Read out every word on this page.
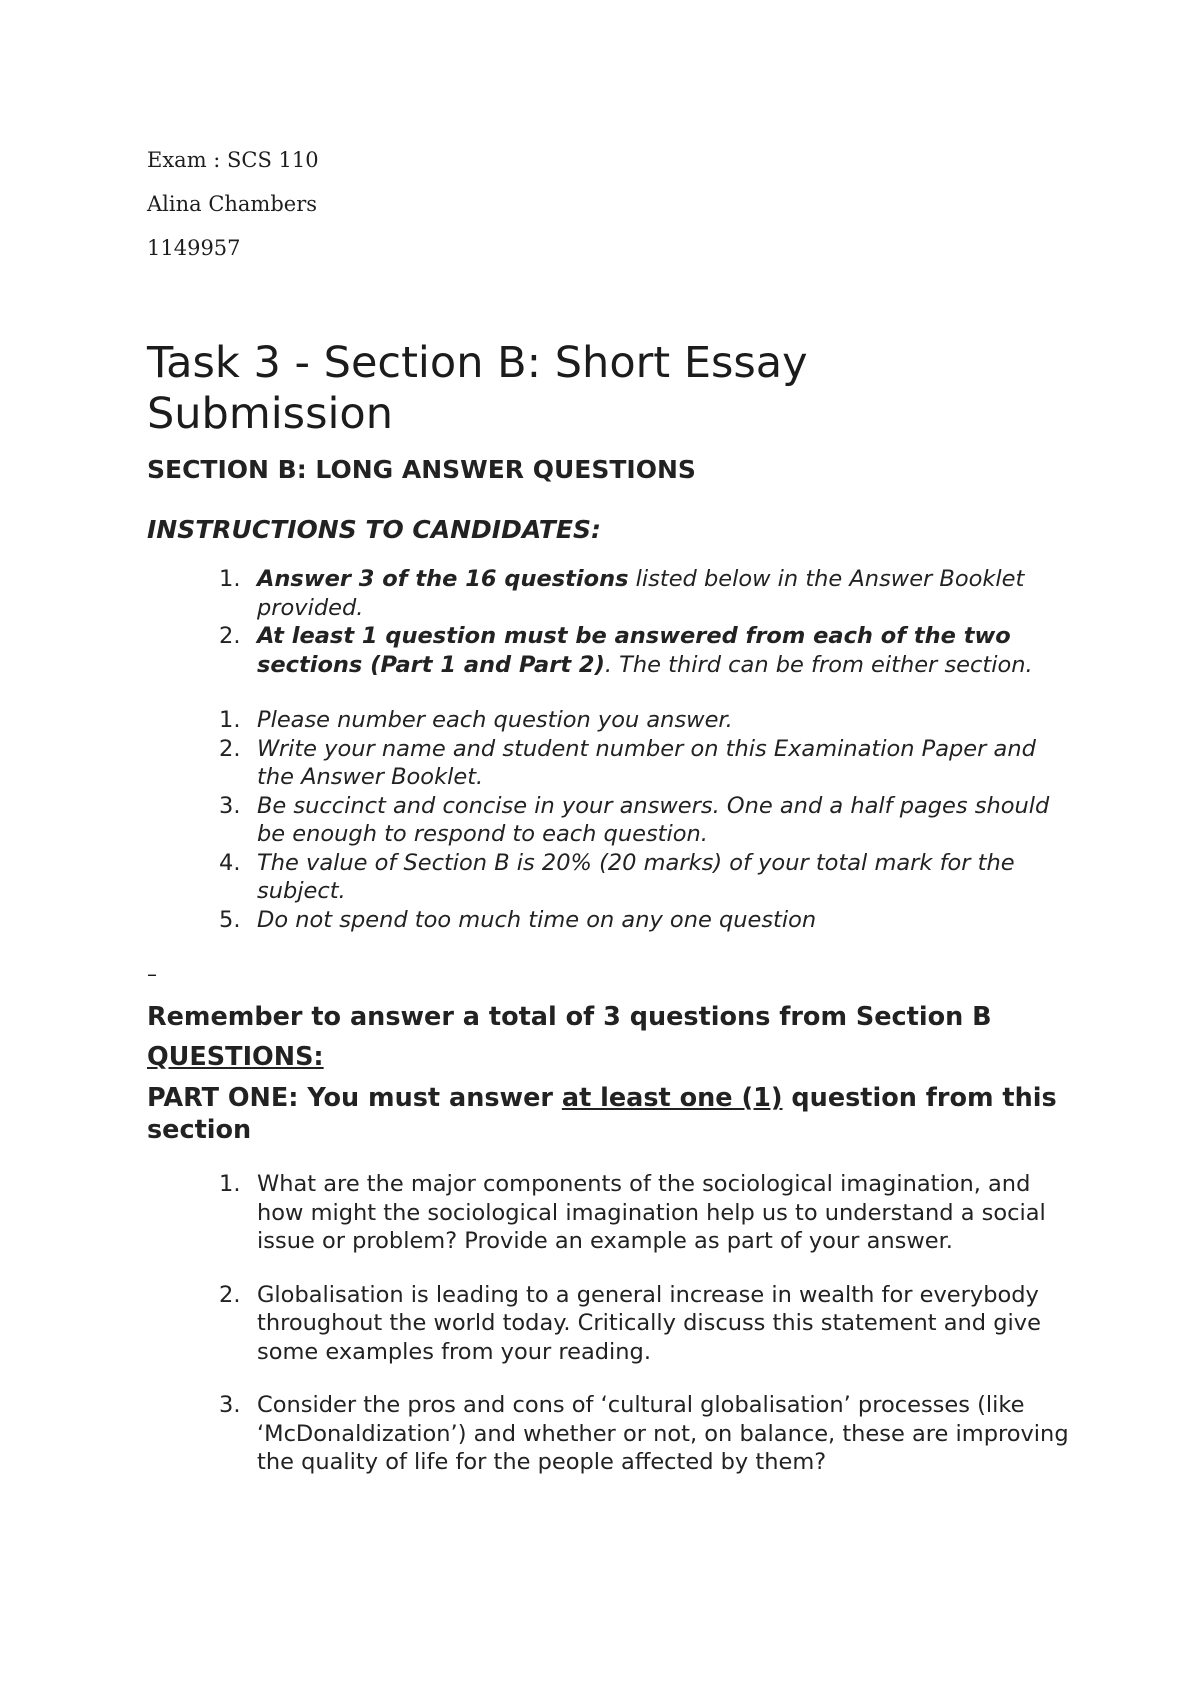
Exam : SCS 110

Alina Chambers

1149957

Task 3 - Section B: Short Essay
Submission
SECTION B: LONG ANSWER QUESTIONS
INSTRUCTIONS TO CANDIDATES:
1. Answer 3 of the 16 questions listed below in the Answer Booklet provided.
2. At least 1 question must be answered from each of the two sections (Part 1 and Part 2). The third can be from either section.
1. Please number each question you answer.
2. Write your name and student number on this Examination Paper and the Answer Booklet.
3. Be succinct and concise in your answers. One and a half pages should be enough to respond to each question.
4. The value of Section B is 20% (20 marks) of your total mark for the subject.
5. Do not spend too much time on any one question
–

Remember to answer a total of 3 questions from Section B

QUESTIONS:

PART ONE: You must answer at least one (1) question from this section

1. What are the major components of the sociological imagination, and how might the sociological imagination help us to understand a social issue or problem? Provide an example as part of your answer.
2. Globalisation is leading to a general increase in wealth for everybody throughout the world today. Critically discuss this statement and give some examples from your reading.
3. Consider the pros and cons of ‘cultural globalisation’ processes (like ‘McDonaldization’) and whether or not, on balance, these are improving the quality of life for the people affected by them?
